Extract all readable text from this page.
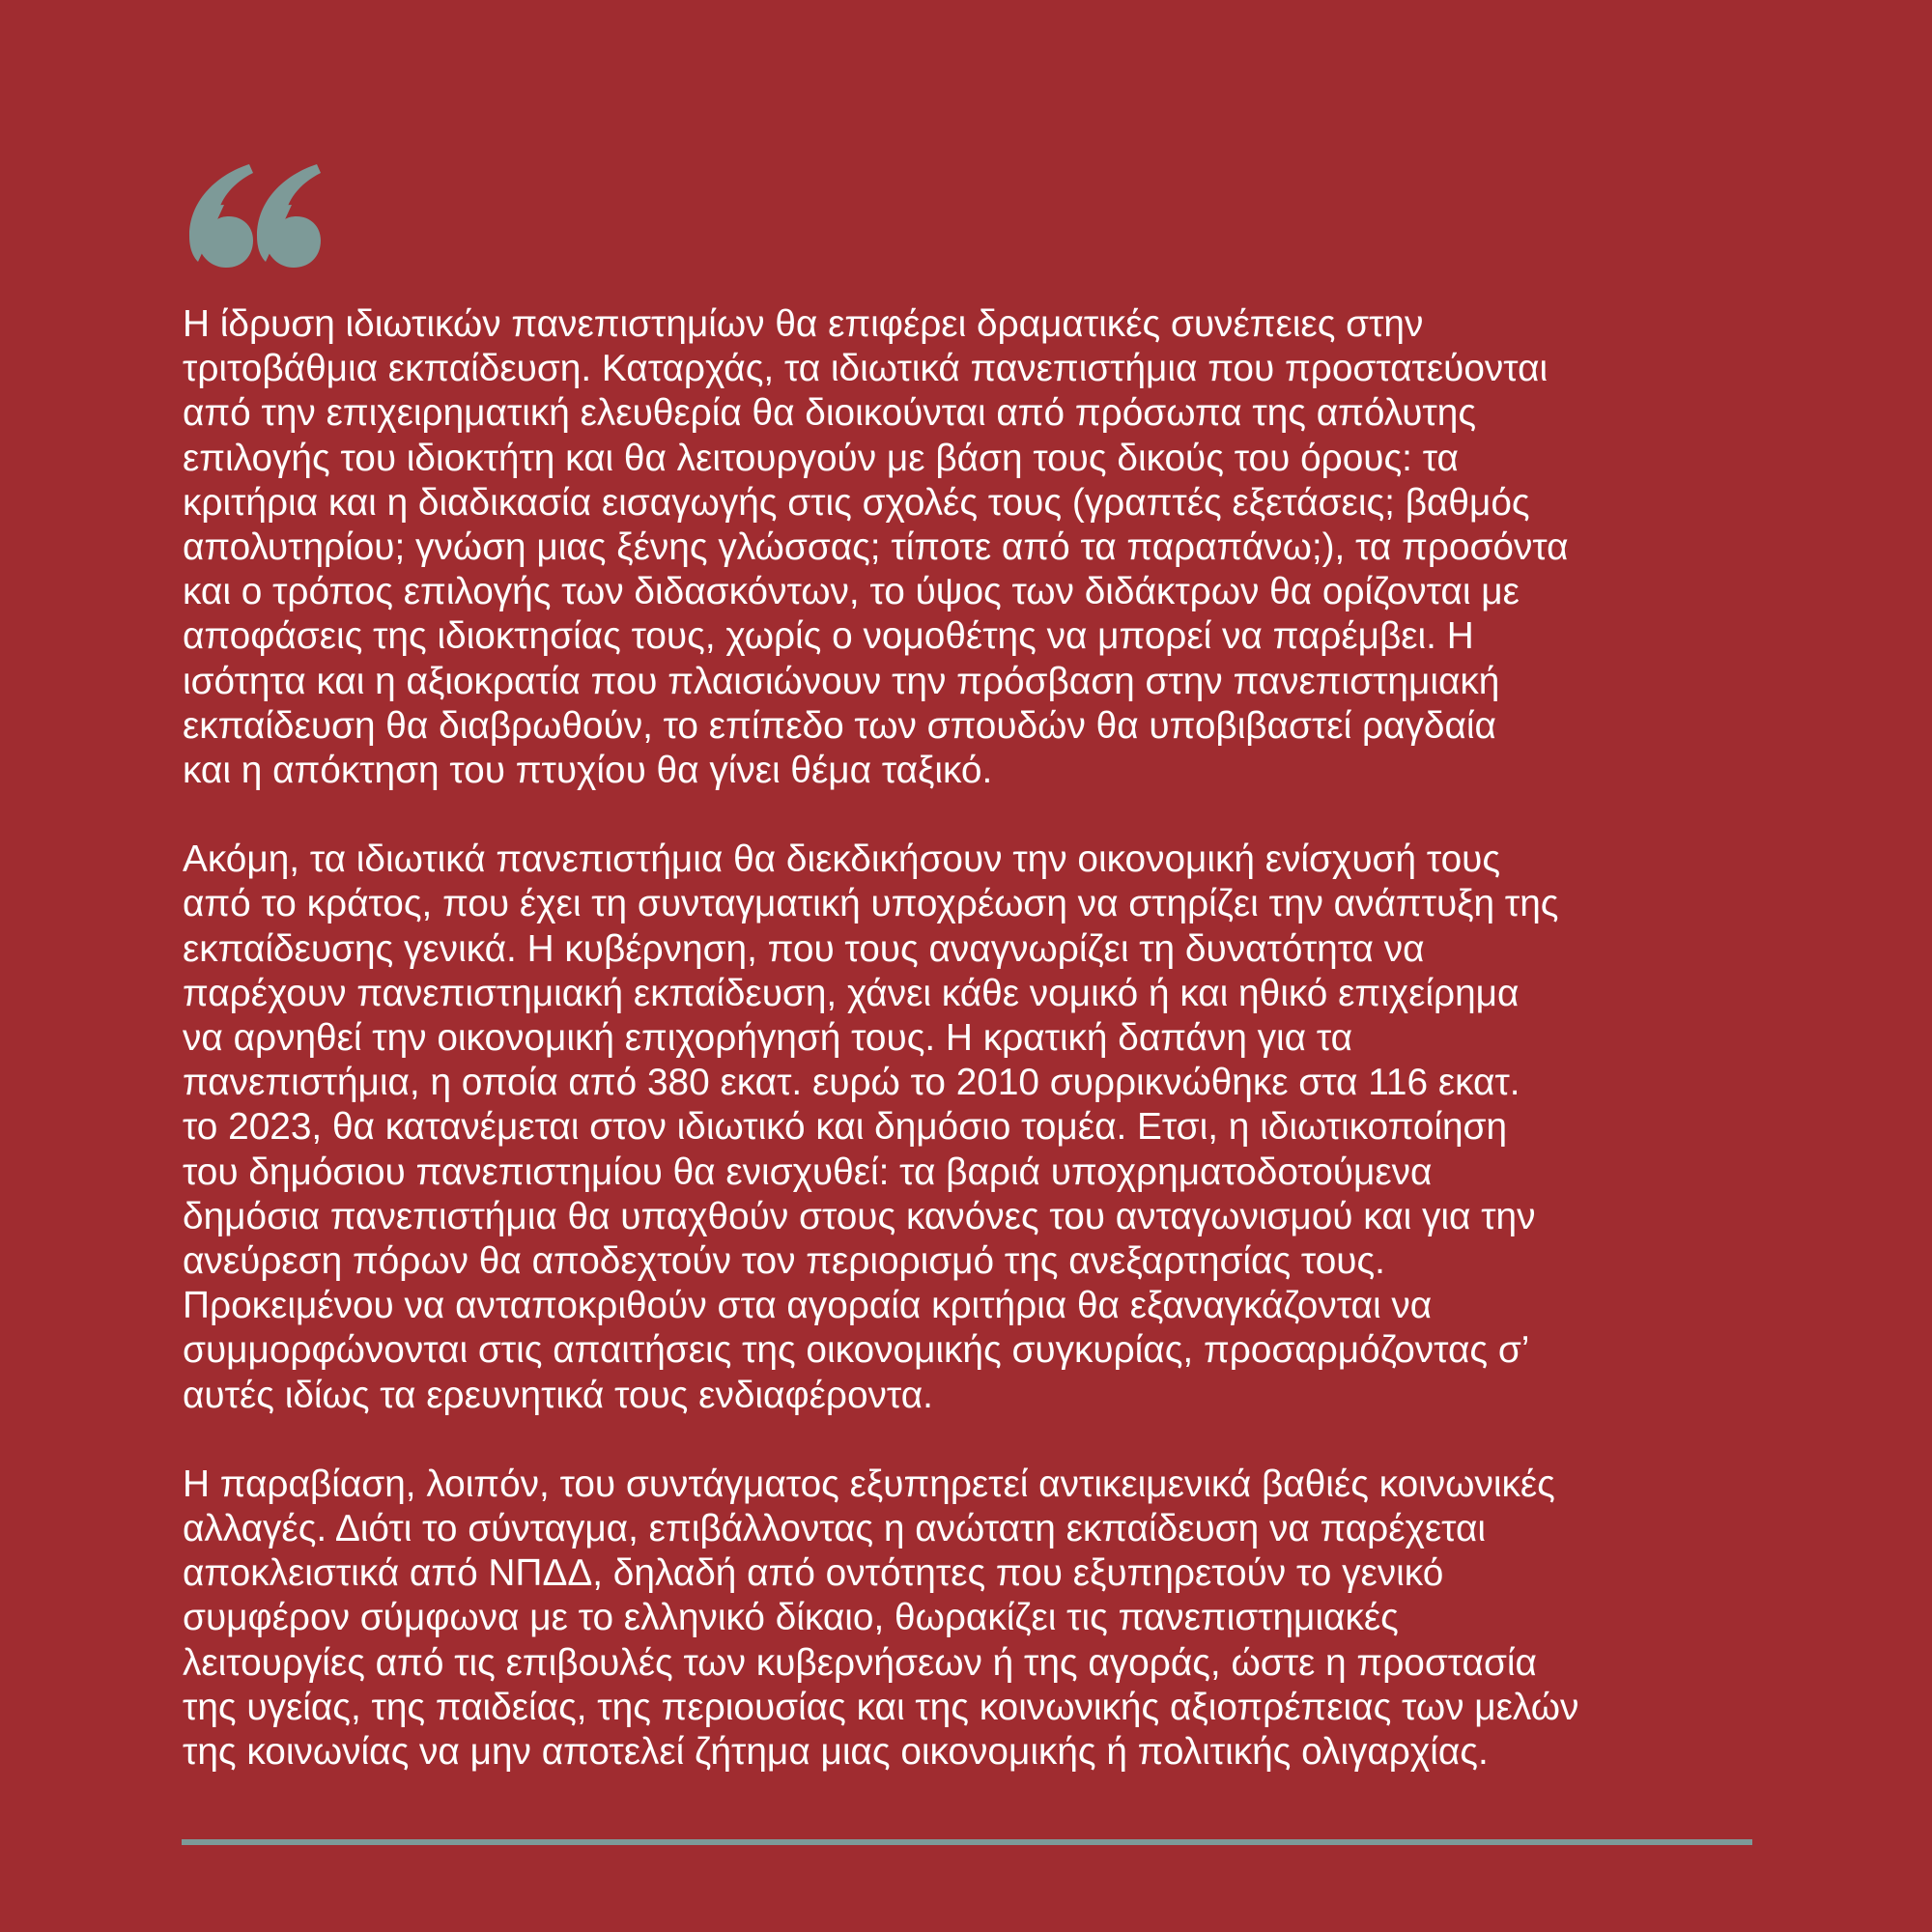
Η ίδρυση ιδιωτικών πανεπιστημίων θα επιφέρει δραματικές συνέπειες στην
τριτοβάθμια εκπαίδευση. Καταρχάς, τα ιδιωτικά πανεπιστήμια που προστατεύονται
από την επιχειρηματική ελευθερία θα διοικούνται από πρόσωπα της απόλυτης
επιλογής του ιδιοκτήτη και θα λειτουργούν με βάση τους δικούς του όρους: τα
κριτήρια και η διαδικασία εισαγωγής στις σχολές τους (γραπτές εξετάσεις; βαθμός
απολυτηρίου; γνώση μιας ξένης γλώσσας; τίποτε από τα παραπάνω;), τα προσόντα
και ο τρόπος επιλογής των διδασκόντων, το ύψος των διδάκτρων θα ορίζονται με
αποφάσεις της ιδιοκτησίας τους, χωρίς ο νομοθέτης να μπορεί να παρέμβει. Η
ισότητα και η αξιοκρατία που πλαισιώνουν την πρόσβαση στην πανεπιστημιακή
εκπαίδευση θα διαβρωθούν, το επίπεδο των σπουδών θα υποβιβαστεί ραγδαία
και η απόκτηση του πτυχίου θα γίνει θέμα ταξικό.

Ακόμη, τα ιδιωτικά πανεπιστήμια θα διεκδικήσουν την οικονομική ενίσχυσή τους
από το κράτος, που έχει τη συνταγματική υποχρέωση να στηρίζει την ανάπτυξη της
εκπαίδευσης γενικά. Η κυβέρνηση, που τους αναγνωρίζει τη δυνατότητα να
παρέχουν πανεπιστημιακή εκπαίδευση, χάνει κάθε νομικό ή και ηθικό επιχείρημα
να αρνηθεί την οικονομική επιχορήγησή τους. Η κρατική δαπάνη για τα
πανεπιστήμια, η οποία από 380 εκατ. ευρώ το 2010 συρρικνώθηκε στα 116 εκατ.
το 2023, θα κατανέμεται στον ιδιωτικό και δημόσιο τομέα. Ετσι, η ιδιωτικοποίηση
του δημόσιου πανεπιστημίου θα ενισχυθεί: τα βαριά υποχρηματοδοτούμενα
δημόσια πανεπιστήμια θα υπαχθούν στους κανόνες του ανταγωνισμού και για την
ανεύρεση πόρων θα αποδεχτούν τον περιορισμό της ανεξαρτησίας τους.
Προκειμένου να ανταποκριθούν στα αγοραία κριτήρια θα εξαναγκάζονται να
συμμορφώνονται στις απαιτήσεις της οικονομικής συγκυρίας, προσαρμόζοντας σ’
αυτές ιδίως τα ερευνητικά τους ενδιαφέροντα.

Η παραβίαση, λοιπόν, του συντάγματος εξυπηρετεί αντικειμενικά βαθιές κοινωνικές
αλλαγές. Διότι το σύνταγμα, επιβάλλοντας η ανώτατη εκπαίδευση να παρέχεται
αποκλειστικά από ΝΠΔΔ, δηλαδή από οντότητες που εξυπηρετούν το γενικό
συμφέρον σύμφωνα με το ελληνικό δίκαιο, θωρακίζει τις πανεπιστημιακές
λειτουργίες από τις επιβουλές των κυβερνήσεων ή της αγοράς, ώστε η προστασία
της υγείας, της παιδείας, της περιουσίας και της κοινωνικής αξιοπρέπειας των μελών
της κοινωνίας να μην αποτελεί ζήτημα μιας οικονομικής ή πολιτικής ολιγαρχίας.
